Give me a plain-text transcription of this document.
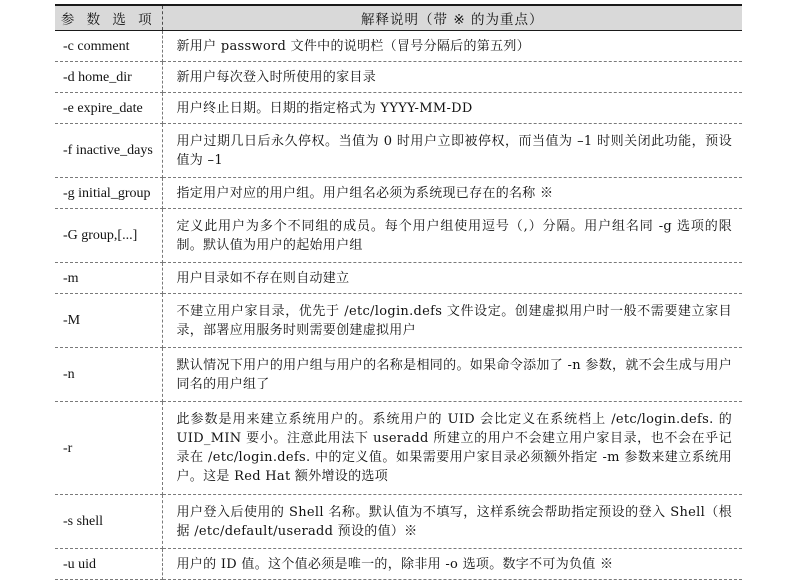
参 数 选 项	解释说明（带 ※ 的为重点）
-c comment	新用户 password 文件中的说明栏（冒号分隔后的第五列）
-d home_dir	新用户每次登入时所使用的家目录
-e expire_date	用户终止日期。日期的指定格式为 YYYY-MM-DD
-f inactive_days	用户过期几日后永久停权。当值为 0 时用户立即被停权，而当值为 –1 时则关闭此功能，预设值为 –1
-g initial_group	指定用户对应的用户组。用户组名必须为系统现已存在的名称 ※
-G group,[...]	定义此用户为多个不同组的成员。每个用户组使用逗号（,）分隔。用户组名同 -g 选项的限制。默认值为用户的起始用户组
-m	用户目录如不存在则自动建立
-M	不建立用户家目录，优先于 /etc/login.defs 文件设定。创建虚拟用户时一般不需要建立家目录，部署应用服务时则需要创建虚拟用户
-n	默认情况下用户的用户组与用户的名称是相同的。如果命令添加了 -n 参数，就不会生成与用户同名的用户组了
-r	此参数是用来建立系统用户的。系统用户的 UID 会比定义在系统档上 /etc/login.defs. 的 UID_MIN 要小。注意此用法下 useradd 所建立的用户不会建立用户家目录，也不会在乎记录在 /etc/login.defs. 中的定义值。如果需要用户家目录必须额外指定 -m 参数来建立系统用户。这是 Red Hat 额外增设的选项
-s shell	用户登入后使用的 Shell 名称。默认值为不填写，这样系统会帮助指定预设的登入 Shell（根据 /etc/default/useradd 预设的值）※
-u uid	用户的 ID 值。这个值必须是唯一的，除非用 -o 选项。数字不可为负值 ※
